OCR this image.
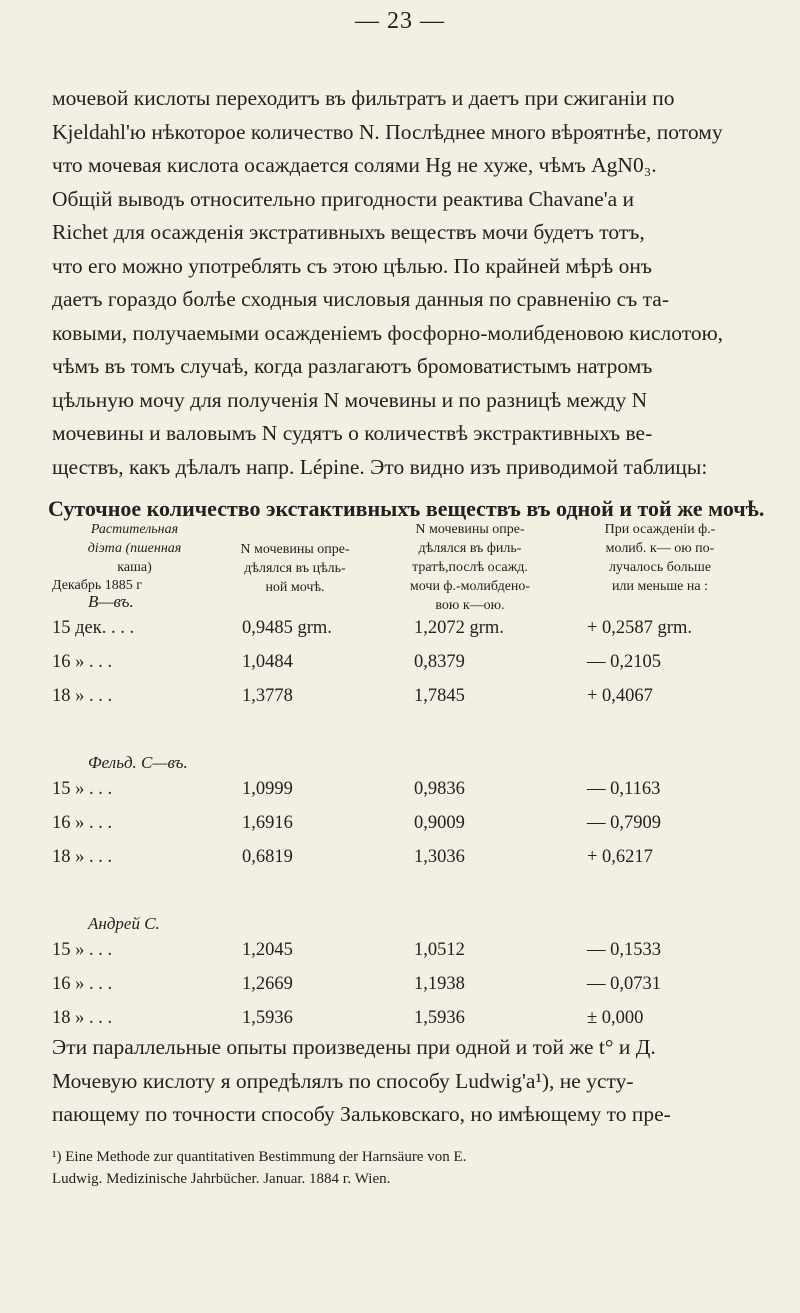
— 23 —
мочевой кислоты переходитъ въ фильтратъ и даетъ при сжиганіи по
Kjeldahl'ю нѣкоторое количество N. Послѣднее много вѣроятнѣе, потому
что мочевая кислота осаждается солями Hg не хуже, чѣмъ AgN0₃.
Общій выводъ относительно пригодности реактива Chavane'a и
Richet для осажденія экстративныхъ веществъ мочи будетъ тотъ,
что его можно употреблять съ этою цѣлью. По крайней мѣрѣ онъ
даетъ гораздо болѣе сходныя числовыя данныя по сравненію съ та-
ковыми, получаемыми осажденіемъ фосфорно-молибденовою кислотою,
чѣмъ въ томъ случаѣ, когда разлагаютъ бромоватистымъ натромъ
цѣльную мочу для полученія N мочевины и по разницѣ между N
мочевины и валовымъ N судятъ о количествѣ экстрактивныхъ ве-
ществъ, какъ дѣлалъ напр. Lépine. Это видно изъ приводимой таблицы:
Суточное количество экстактивныхъ веществъ въ одной и той же мочѣ.
Растительная
діэта (пшенная
каша)
Декабрь 1885 г
N мочевины опре-
дѣлялся въ цѣль-
ной мочѣ.
N мочевины опре-
дѣлялся въ филь-
тратѣ,послѣ осажд.
мочи ф.-молибдено-
вою к—ою.
При осажденіи ф.-
молиб. к— ою по-
лучалось больше
или меньше на :
В—въ.
15 дек. . . .	0,9485 grm.	1,2072 grm.	+ 0,2587 grm.
16 » . . .	1,0484	0,8379	— 0,2105
18 » . . .	1,3778	1,7845	+ 0,4067
Фельд. С—въ.
15 » . . .	1,0999	0,9836	— 0,1163
16 » . . .	1,6916	0,9009	— 0,7909
18 » . . .	0,6819	1,3036	+ 0,6217
Андрей С.
15 » . . .	1,2045	1,0512	— 0,1533
16 » . . .	1,2669	1,1938	— 0,0731
18 » . . .	1,5936	1,5936	± 0,000
Эти параллельные опыты произведены при одной и той же t° и Д.
Мочевую кислоту я опредѣлялъ по способу Ludwig'a¹), не усту-
пающему по точности способу Зальковскаго, но имѣющему то пре-
¹) Eine Methode zur quantitativen Bestimmung der Harnsäure von E.
Ludwig. Medizinische Jahrbücher. Januar. 1884 г. Wien.
